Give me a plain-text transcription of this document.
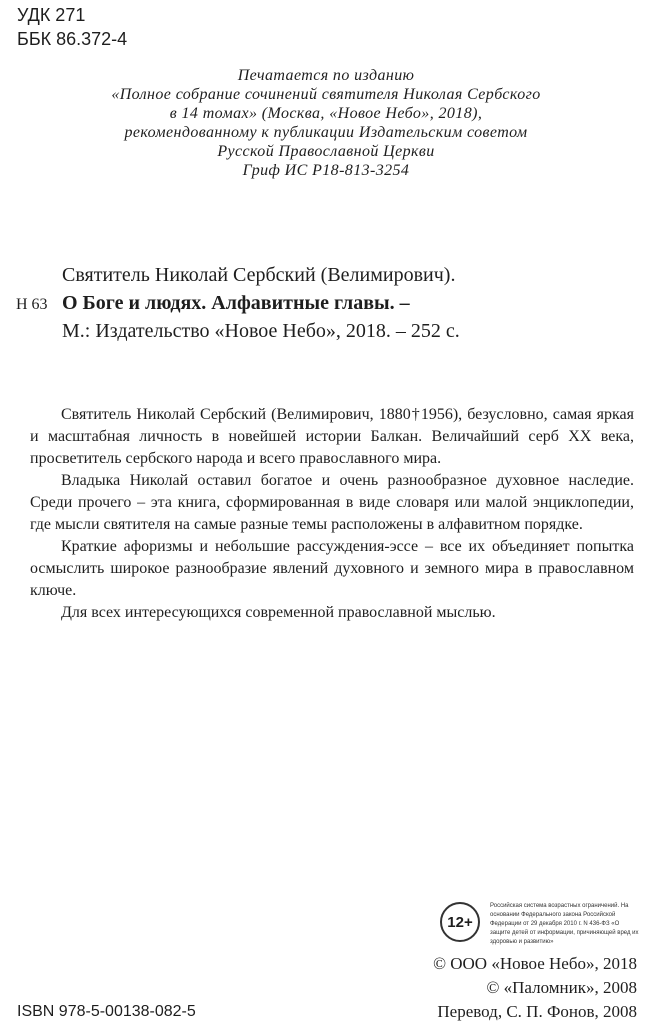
УДК 271
ББК 86.372-4
Печатается по изданию
«Полное собрание сочинений святителя Николая Сербского
в 14 томах» (Москва, «Новое Небо», 2018),
рекомендованному к публикации Издательским советом
Русской Православной Церкви
Гриф ИС Р18-813-3254
Н 63
Святитель Николай Сербский (Велимирович).
О Боге и людях. Алфавитные главы. –
М.: Издательство «Новое Небо», 2018. – 252 с.

Святитель Николай Сербский (Велимирович, 1880†1956), безусловно, самая яркая и масштабная личность в новейшей истории Балкан. Величайший серб XX века, просветитель сербского народа и всего православного мира.

Владыка Николай оставил богатое и очень разнообразное духовное наследие. Среди прочего – эта книга, сформированная в виде словаря или малой энциклопедии, где мысли святителя на самые разные темы расположены в алфавитном порядке.

Краткие афоризмы и небольшие рассуждения-эссе – все их объединяет попытка осмыслить широкое разнообразие явлений духовного и земного мира в православном ключе.

Для всех интересующихся современной православной мыслью.

12+
Российская система возрастных ограничений. На основании Федерального закона Российской Федерации от 29 декабря 2010 г. N 436-ФЗ «О защите детей от информации, причиняющей вред их здоровью и развитию»
© ООО «Новое Небо», 2018
© «Паломник», 2008
Перевод, С. П. Фонов, 2008
ISBN 978-5-00138-082-5
